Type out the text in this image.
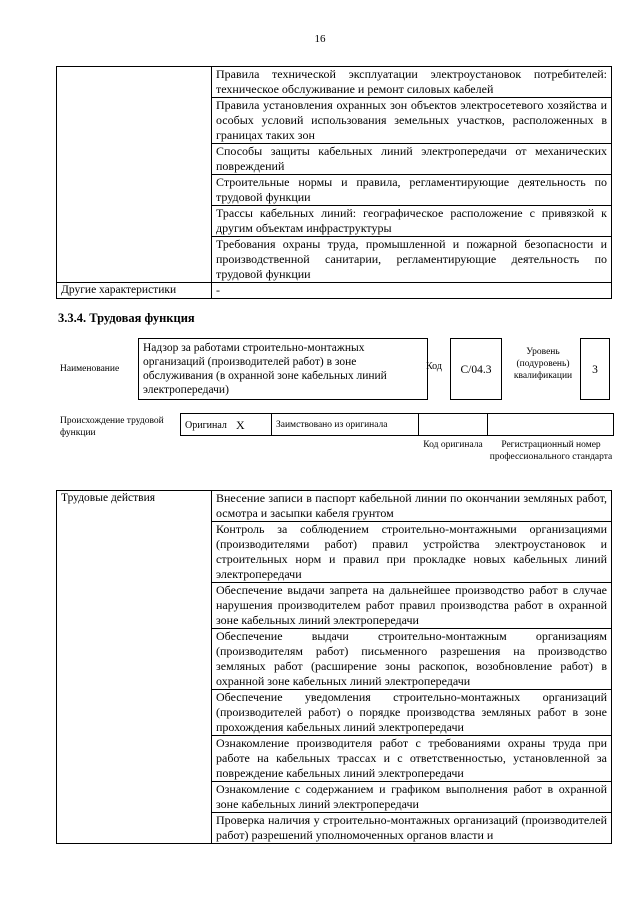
16
	Правила технической эксплуатации электроустановок потребителей: техническое обслуживание и ремонт силовых кабелей
	Правила установления охранных зон объектов электросетевого хозяйства и особых условий использования земельных участков, расположенных в границах таких зон
	Способы защиты кабельных линий электропередачи от механических повреждений
	Строительные нормы и правила, регламентирующие деятельность по трудовой функции
	Трассы кабельных линий: географическое расположение с привязкой к другим объектам инфраструктуры
	Требования охраны труда, промышленной и пожарной безопасности и производственной санитарии, регламентирующие деятельность по трудовой функции
Другие характеристики	-
3.3.4. Трудовая функция
Наименование
Надзор за работами строительно-монтажных организаций (производителей работ) в зоне обслуживания (в охранной зоне кабельных линий электропередачи)
Код	С/04.3
Уровень (подуровень) квалификации	3
Происхождение трудовой функции
Оригинал X	Заимствовано из оригинала
Код оригинала	Регистрационный номер профессионального стандарта
Трудовые действия	Внесение записи в паспорт кабельной линии по окончании земляных работ, осмотра и засыпки кабеля грунтом
Контроль за соблюдением строительно-монтажными организациями (производителями работ) правил устройства электроустановок и строительных норм и правил при прокладке новых кабельных линий электропередачи
Обеспечение выдачи запрета на дальнейшее производство работ в случае нарушения производителем работ правил производства работ в охранной зоне кабельных линий электропередачи
Обеспечение выдачи строительно-монтажным организациям (производителям работ) письменного разрешения на производство земляных работ (расширение зоны раскопок, возобновление работ) в охранной зоне кабельных линий электропередачи
Обеспечение уведомления строительно-монтажных организаций (производителей работ) о порядке производства земляных работ в зоне прохождения кабельных линий электропередачи
Ознакомление производителя работ с требованиями охраны труда при работе на кабельных трассах и с ответственностью, установленной за повреждение кабельных линий электропередачи
Ознакомление с содержанием и графиком выполнения работ в охранной зоне кабельных линий электропередачи
Проверка наличия у строительно-монтажных организаций (производителей работ) разрешений уполномоченных органов власти и
